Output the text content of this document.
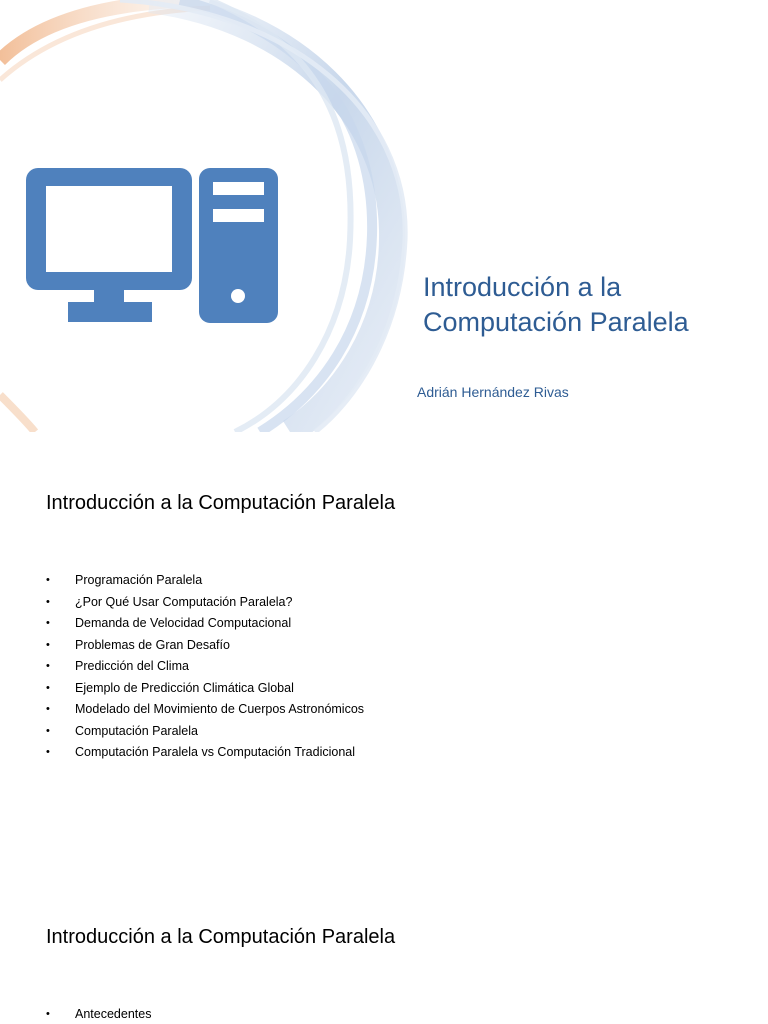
Introducción a la
Computación Paralela

Adrián Hernández Rivas

Introducción a la Computación Paralela
•	Programación Paralela
•	¿Por Qué Usar Computación Paralela?
•	Demanda de Velocidad Computacional
•	Problemas de Gran Desafío
•	Predicción del Clima
•	Ejemplo de Predicción Climática Global
•	Modelado del Movimiento de Cuerpos Astronómicos
•	Computación Paralela
•	Computación Paralela vs Computación Tradicional
Introducción a la Computación Paralela
•	Antecedentes
